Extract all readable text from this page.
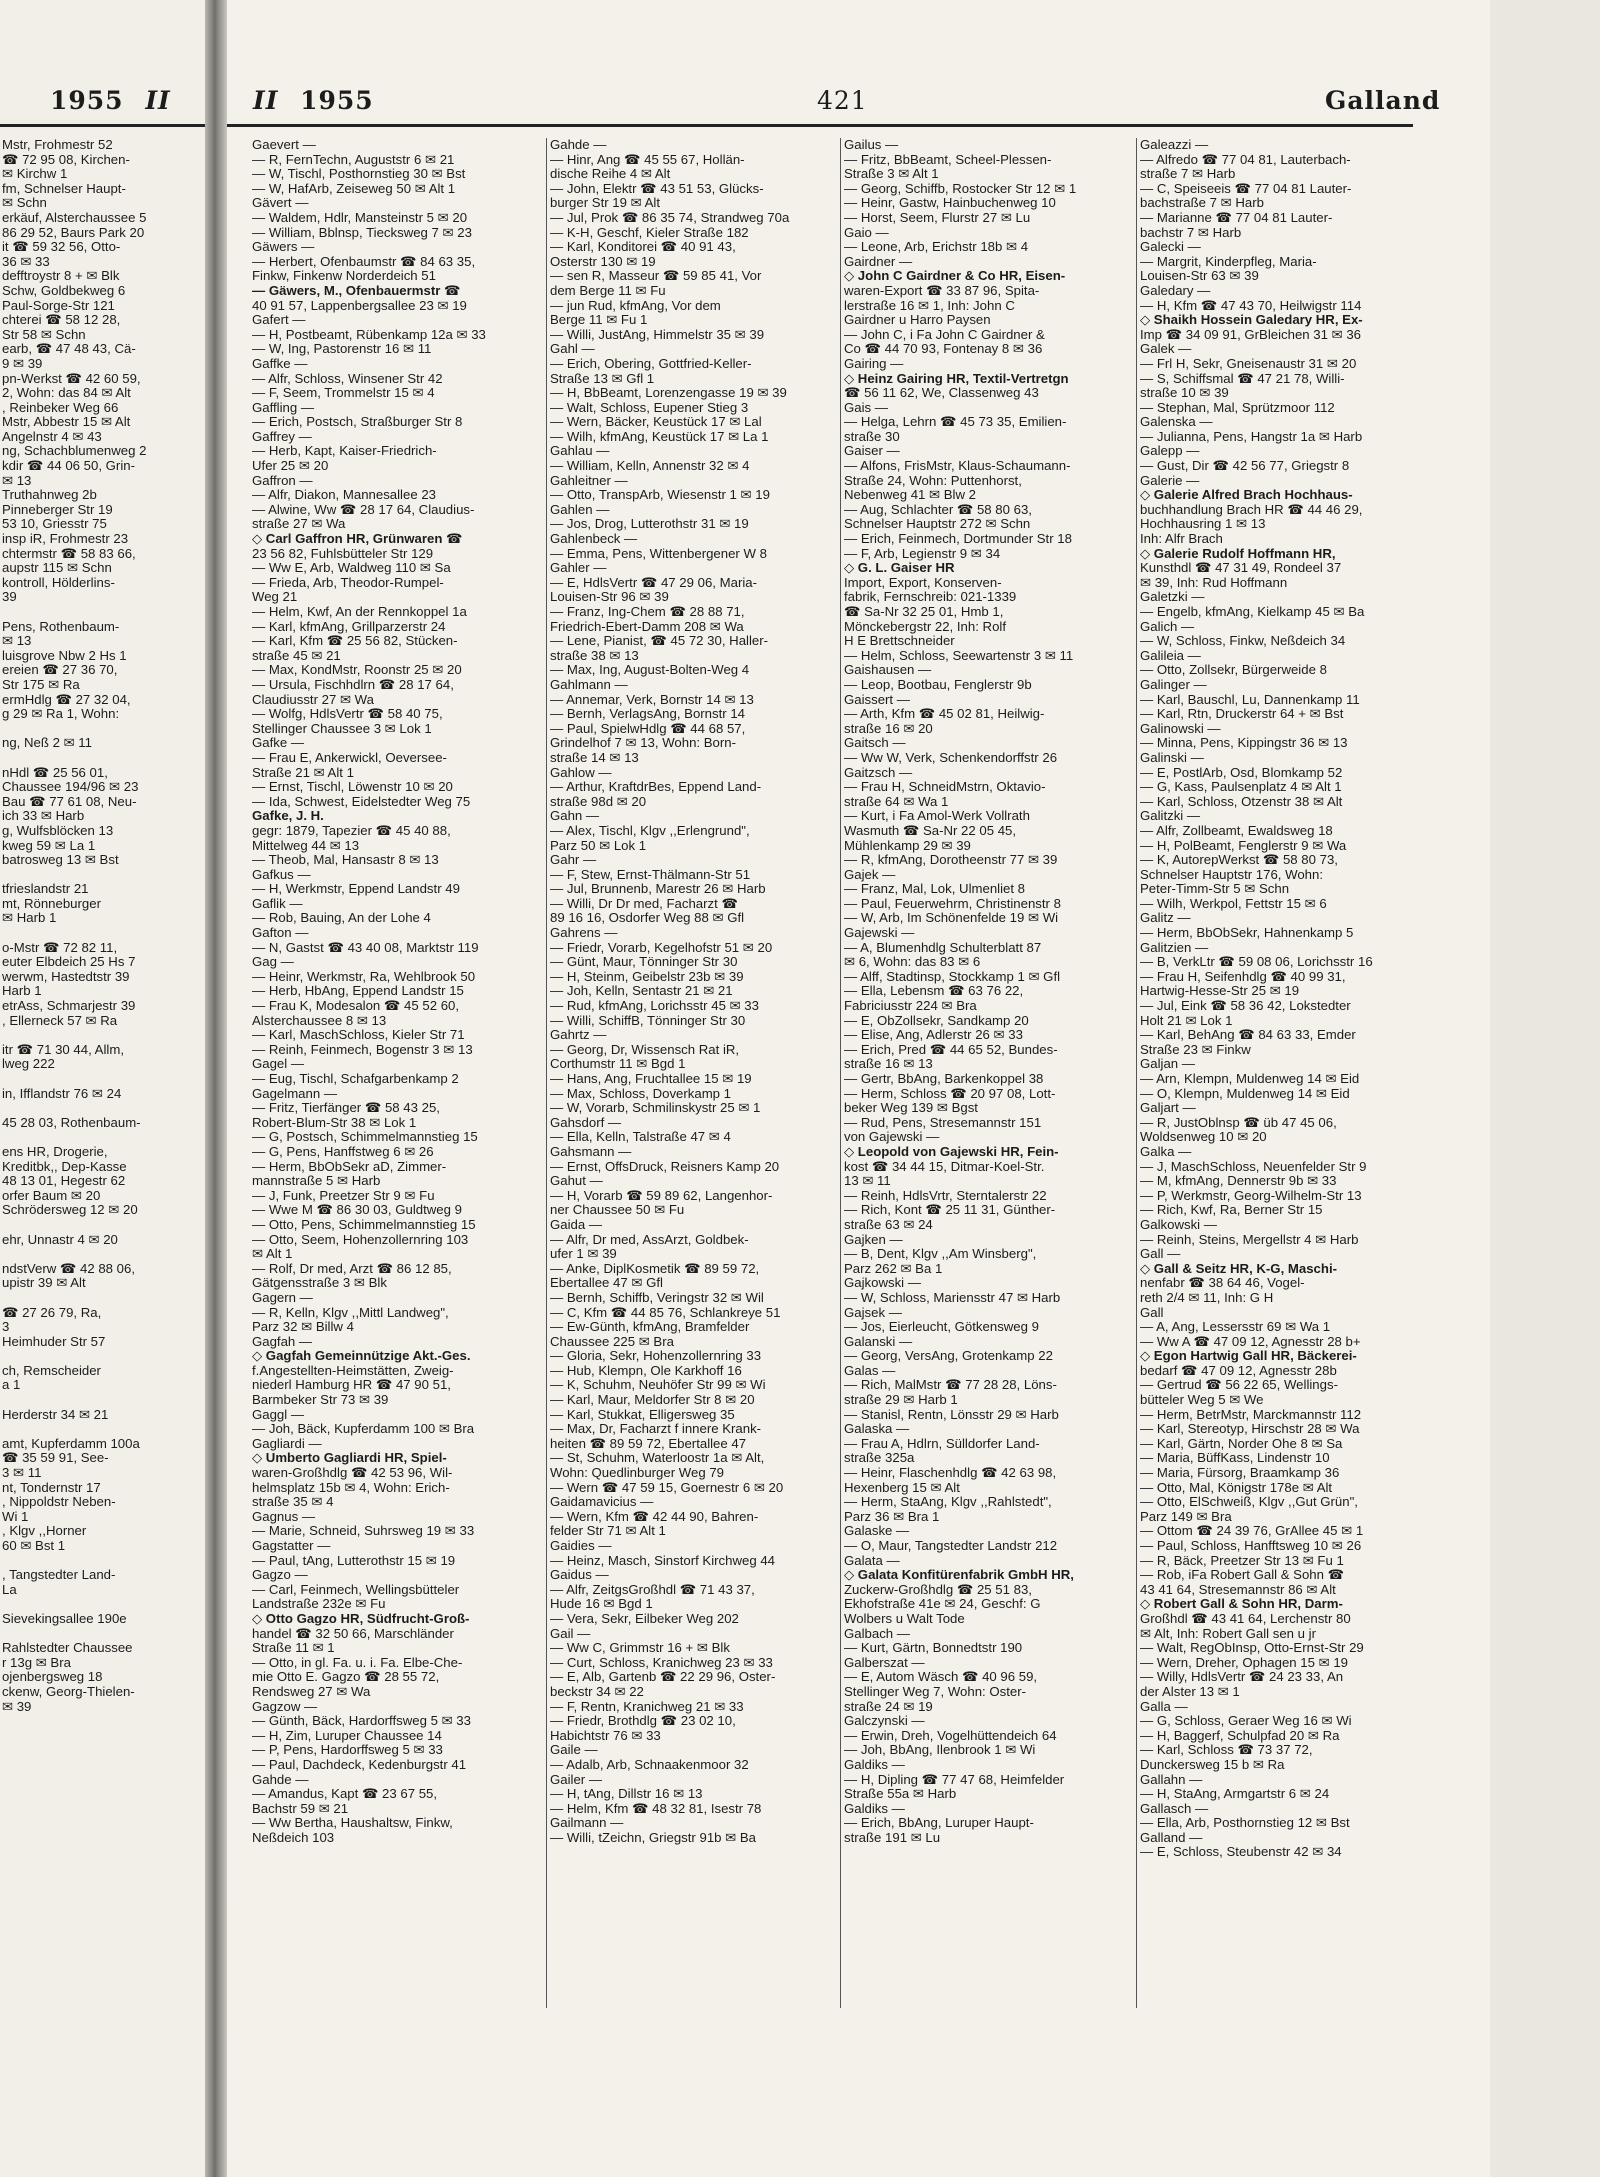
1955 II
Mstr, Frohmestr 52
☎ 72 95 08, Kirchen-
✉ Kirchw 1
fm, Schnelser Haupt-
✉ Schn
erkäuf, Alsterchaussee 5
86 29 52, Baurs Park 20
it ☎ 59 32 56, Otto-
36 ✉ 33
defftroystr 8 + ✉ Blk
Schw, Goldbekweg 6
Paul-Sorge-Str 121
chterei ☎ 58 12 28,
Str 58 ✉ Schn
earb, ☎ 47 48 43, Cä-
9 ✉ 39
pn-Werkst ☎ 42 60 59,
2, Wohn: das 84 ✉ Alt
, Reinbeker Weg 66
Mstr, Abbestr 15 ✉ Alt
Angelnstr 4 ✉ 43
ng, Schachblumenweg 2
kdir ☎ 44 06 50, Grin-
✉ 13
Truthahnweg 2b
Pinneberger Str 19
53 10, Griesstr 75
insp iR, Frohmestr 23
chtermstr ☎ 58 83 66,
aupstr 115 ✉ Schn
kontroll, Hölderlins-
39
Pens, Rothenbaum-
✉ 13
luisgrove Nbw 2 Hs 1
ereien ☎ 27 36 70,
Str 175 ✉ Ra
ermHdlg ☎ 27 32 04,
g 29 ✉ Ra 1, Wohn:
ng, Neß 2 ✉ 11
nHdl ☎ 25 56 01,
Chaussee 194/96 ✉ 23
Bau ☎ 77 61 08, Neu-
ich 33 ✉ Harb
g, Wulfsblöcken 13
kweg 59 ✉ La 1
batrosweg 13 ✉ Bst
tfrieslandstr 21
mt, Rönneburger
✉ Harb 1
o-Mstr ☎ 72 82 11,
euter Elbdeich 25 Hs 7
werwm, Hastedtstr 39
Harb 1
etrAss, Schmarjestr 39
, Ellerneck 57 ✉ Ra
itr ☎ 71 30 44, Allm,
lweg 222
in, Ifflandstr 76 ✉ 24
45 28 03, Rothenbaum-
ens HR, Drogerie,
Kreditbk,, Dep-Kasse
48 13 01, Hegestr 62
orfer Baum ✉ 20
Schrödersweg 12 ✉ 20
ehr, Unnastr 4 ✉ 20
ndstVerw ☎ 42 88 06,
upistr 39 ✉ Alt
☎ 27 26 79, Ra,
3
Heimhuder Str 57
ch, Remscheider
a 1
Herderstr 34 ✉ 21
amt, Kupferdamm 100a
☎ 35 59 91, See-
3 ✉ 11
nt, Tondernstr 17
, Nippoldstr Neben-
Wi 1
, Klgv ,,Horner
60 ✉ Bst 1
, Tangstedter Land-
La
Sievekingsallee 190e
Rahlstedter Chaussee
r 13g ✉ Bra
ojenbergsweg 18
ckenw, Georg-Thielen-
✉ 39
II 1955	421	Galland
Gaevert —
— R, FernTechn, Auguststr 6 ✉ 21
— W, Tischl, Posthornstieg 30 ✉ Bst
— W, HafArb, Zeiseweg 50 ✉ Alt 1
Gävert —
— Waldem, Hdlr, Mansteinstr 5 ✉ 20
— William, Bblnsp, Tiecksweg 7 ✉ 23
Gäwers —
— Herbert, Ofenbaumstr ☎ 84 63 35,
Finkw, Finkenw Norderdeich 51
— Gäwers, M., Ofenbauermstr ☎
40 91 57, Lappenbergsallee 23 ✉ 19
Gafert —
— H, Postbeamt, Rübenkamp 12a ✉ 33
— W, Ing, Pastorenstr 16 ✉ 11
Gaffke —
— Alfr, Schloss, Winsener Str 42
— F, Seem, Trommelstr 15 ✉ 4
Gaffling —
— Erich, Postsch, Straßburger Str 8
Gaffrey —
— Herb, Kapt, Kaiser-Friedrich-
Ufer 25 ✉ 20
Gaffron —
— Alfr, Diakon, Mannesallee 23
— Alwine, Ww ☎ 28 17 64, Claudius-
straße 27 ✉ Wa
◇ Carl Gaffron HR, Grünwaren ☎
23 56 82, Fuhlsbütteler Str 129
— Ww E, Arb, Waldweg 110 ✉ Sa
— Frieda, Arb, Theodor-Rumpel-
Weg 21
— Helm, Kwf, An der Rennkoppel 1a
— Karl, kfmAng, Grillparzerstr 24
— Karl, Kfm ☎ 25 56 82, Stücken-
straße 45 ✉ 21
— Max, KondMstr, Roonstr 25 ✉ 20
— Ursula, Fischhdlrn ☎ 28 17 64,
Claudiusstr 27 ✉ Wa
— Wolfg, HdlsVertr ☎ 58 40 75,
Stellinger Chaussee 3 ✉ Lok 1
Gafke —
— Frau E, Ankerwickl, Oeversee-
Straße 21 ✉ Alt 1
— Ernst, Tischl, Löwenstr 10 ✉ 20
— Ida, Schwest, Eidelstedter Weg 75
Gafke, J. H.
gegr: 1879, Tapezier ☎ 45 40 88,
Mittelweg 44 ✉ 13
— Theob, Mal, Hansastr 8 ✉ 13
Gafkus —
— H, Werkmstr, Eppend Landstr 49
Gaflik —
— Rob, Bauing, An der Lohe 4
Gafton —
— N, Gastst ☎ 43 40 08, Marktstr 119
Gag —
— Heinr, Werkmstr, Ra, Wehlbrook 50
— Herb, HbAng, Eppend Landstr 15
— Frau K, Modesalon ☎ 45 52 60,
Alsterchaussee 8 ✉ 13
— Karl, MaschSchloss, Kieler Str 71
— Reinh, Feinmech, Bogenstr 3 ✉ 13
Gagel —
— Eug, Tischl, Schafgarbenkamp 2
Gagelmann —
— Fritz, Tierfänger ☎ 58 43 25,
Robert-Blum-Str 38 ✉ Lok 1
— G, Postsch, Schimmelmannstieg 15
— G, Pens, Hanffstweg 6 ✉ 26
— Herm, BbObSekr aD, Zimmer-
mannstraße 5 ✉ Harb
— J, Funk, Preetzer Str 9 ✉ Fu
— Wwe M ☎ 86 30 03, Guldtweg 9
— Otto, Pens, Schimmelmannstieg 15
— Otto, Seem, Hohenzollernring 103
✉ Alt 1
— Rolf, Dr med, Arzt ☎ 86 12 85,
Gätgensstraße 3 ✉ Blk
Gagern —
— R, Kelln, Klgv ,,Mittl Landweg",
Parz 32 ✉ Billw 4
Gagfah —
◇ Gagfah Gemeinnützige Akt.-Ges.
f.Angestellten-Heimstätten, Zweig-
niederl Hamburg HR ☎ 47 90 51,
Barmbeker Str 73 ✉ 39
Gaggl —
— Joh, Bäck, Kupferdamm 100 ✉ Bra
Gagliardi —
◇ Umberto Gagliardi HR, Spiel-
waren-Großhdlg ☎ 42 53 96, Wil-
helmsplatz 15b ✉ 4, Wohn: Erich-
straße 35 ✉ 4
Gagnus —
— Marie, Schneid, Suhrsweg 19 ✉ 33
Gagstatter —
— Paul, tAng, Lutterothstr 15 ✉ 19
Gagzo —
— Carl, Feinmech, Wellingsbütteler
Landstraße 232e ✉ Fu
◇ Otto Gagzo HR, Südfrucht-Groß-
handel ☎ 32 50 66, Marschländer
Straße 11 ✉ 1
— Otto, in gl. Fa. u. i. Fa. Elbe-Che-
mie Otto E. Gagzo ☎ 28 55 72,
Rendsweg 27 ✉ Wa
Gagzow —
— Günth, Bäck, Hardorffsweg 5 ✉ 33
— H, Zim, Luruper Chaussee 14
— P, Pens, Hardorffsweg 5 ✉ 33
— Paul, Dachdeck, Kedenburgstr 41
Gahde —
— Amandus, Kapt ☎ 23 67 55,
Bachstr 59 ✉ 21
— Ww Bertha, Haushaltsw, Finkw,
Neßdeich 103
Gahde —
— Hinr, Ang ☎ 45 55 67, Hollän-
dische Reihe 4 ✉ Alt
— John, Elektr ☎ 43 51 53, Glücks-
burger Str 19 ✉ Alt
— Jul, Prok ☎ 86 35 74, Strandweg 70a
— K-H, Geschf, Kieler Straße 182
— Karl, Konditorei ☎ 40 91 43,
Osterstr 130 ✉ 19
— sen R, Masseur ☎ 59 85 41, Vor
dem Berge 11 ✉ Fu
— jun Rud, kfmAng, Vor dem
Berge 11 ✉ Fu 1
— Willi, JustAng, Himmelstr 35 ✉ 39
Gahl —
— Erich, Obering, Gottfried-Keller-
Straße 13 ✉ Gfl 1
— H, BbBeamt, Lorenzengasse 19 ✉ 39
— Walt, Schloss, Eupener Stieg 3
— Wern, Bäcker, Keustück 17 ✉ Lal
— Wilh, kfmAng, Keustück 17 ✉ La 1
Gahlau —
— William, Kelln, Annenstr 32 ✉ 4
Gahleitner —
— Otto, TranspArb, Wiesenstr 1 ✉ 19
Gahlen —
— Jos, Drog, Lutterothstr 31 ✉ 19
Gahlenbeck —
— Emma, Pens, Wittenbergener W 8
Gahler —
— E, HdlsVertr ☎ 47 29 06, Maria-
Louisen-Str 96 ✉ 39
— Franz, Ing-Chem ☎ 28 88 71,
Friedrich-Ebert-Damm 208 ✉ Wa
— Lene, Pianist, ☎ 45 72 30, Haller-
straße 38 ✉ 13
— Max, Ing, August-Bolten-Weg 4
Gahlmann —
— Annemar, Verk, Bornstr 14 ✉ 13
— Bernh, VerlagsAng, Bornstr 14
— Paul, SpielwHdlg ☎ 44 68 57,
Grindelhof 7 ✉ 13, Wohn: Born-
straße 14 ✉ 13
Gahlow —
— Arthur, KraftdrBes, Eppend Land-
straße 98d ✉ 20
Gahn —
— Alex, Tischl, Klgv ,,Erlengrund",
Parz 50 ✉ Lok 1
Gahr —
— F, Stew, Ernst-Thälmann-Str 51
— Jul, Brunnenb, Marestr 26 ✉ Harb
— Willi, Dr Dr med, Facharzt ☎
89 16 16, Osdorfer Weg 88 ✉ Gfl
Gahrens —
— Friedr, Vorarb, Kegelhofstr 51 ✉ 20
— Günt, Maur, Tönninger Str 30
— H, Steinm, Geibelstr 23b ✉ 39
— Joh, Kelln, Sentastr 21 ✉ 21
— Rud, kfmAng, Lorichsstr 45 ✉ 33
— Willi, SchiffB, Tönninger Str 30
Gahrtz —
— Georg, Dr, Wissensch Rat iR,
Corthumstr 11 ✉ Bgd 1
— Hans, Ang, Fruchtallee 15 ✉ 19
— Max, Schloss, Doverkamp 1
— W, Vorarb, Schmilinskystr 25 ✉ 1
Gahsdorf —
— Ella, Kelln, Talstraße 47 ✉ 4
Gahsmann —
— Ernst, OffsDruck, Reisners Kamp 20
Gahut —
— H, Vorarb ☎ 59 89 62, Langenhor-
ner Chaussee 50 ✉ Fu
Gaida —
— Alfr, Dr med, AssArzt, Goldbek-
ufer 1 ✉ 39
— Anke, DiplKosmetik ☎ 89 59 72,
Ebertallee 47 ✉ Gfl
— Bernh, Schiffb, Veringstr 32 ✉ Wil
— C, Kfm ☎ 44 85 76, Schlankreye 51
— Ew-Günth, kfmAng, Bramfelder
Chaussee 225 ✉ Bra
— Gloria, Sekr, Hohenzollernring 33
— Hub, Klempn, Ole Karkhoff 16
— K, Schuhm, Neuhöfer Str 99 ✉ Wi
— Karl, Maur, Meldorfer Str 8 ✉ 20
— Karl, Stukkat, Elligersweg 35
— Max, Dr, Facharzt f innere Krank-
heiten ☎ 89 59 72, Ebertallee 47
— St, Schuhm, Waterloostr 1a ✉ Alt,
Wohn: Quedlinburger Weg 79
— Wern ☎ 47 59 15, Goernestr 6 ✉ 20
Gaidamavicius —
— Wern, Kfm ☎ 42 44 90, Bahren-
felder Str 71 ✉ Alt 1
Gaidies —
— Heinz, Masch, Sinstorf Kirchweg 44
Gaidus —
— Alfr, ZeitgsGroßhdl ☎ 71 43 37,
Hude 16 ✉ Bgd 1
— Vera, Sekr, Eilbeker Weg 202
Gail —
— Ww C, Grimmstr 16 + ✉ Blk
— Curt, Schloss, Kranichweg 23 ✉ 33
— E, Alb, Gartenb ☎ 22 29 96, Oster-
beckstr 34 ✉ 22
— F, Rentn, Kranichweg 21 ✉ 33
— Friedr, Brothdlg ☎ 23 02 10,
Habichtstr 76 ✉ 33
Gaile —
— Adalb, Arb, Schnaakenmoor 32
Gailer —
— H, tAng, Dillstr 16 ✉ 13
— Helm, Kfm ☎ 48 32 81, Isestr 78
Gailmann —
— Willi, tZeichn, Griegstr 91b ✉ Ba
Gailus —
— Fritz, BbBeamt, Scheel-Plessen-
Straße 3 ✉ Alt 1
— Georg, Schiffb, Rostocker Str 12 ✉ 1
— Heinr, Gastw, Hainbuchenweg 10
— Horst, Seem, Flurstr 27 ✉ Lu
Gaio —
— Leone, Arb, Erichstr 18b ✉ 4
Gairdner —
◇ John C Gairdner & Co HR, Eisen-
waren-Export ☎ 33 87 96, Spita-
lerstraße 16 ✉ 1, Inh: John C
Gairdner u Harro Paysen
— John C, i Fa John C Gairdner &
Co ☎ 44 70 93, Fontenay 8 ✉ 36
Gairing —
◇ Heinz Gairing HR, Textil-Vertretgn
☎ 56 11 62, We, Classenweg 43
Gais —
— Helga, Lehrn ☎ 45 73 35, Emilien-
straße 30
Gaiser —
— Alfons, FrisMstr, Klaus-Schaumann-
Straße 24, Wohn: Puttenhorst,
Nebenweg 41 ✉ Blw 2
— Aug, Schlachter ☎ 58 80 63,
Schnelser Hauptstr 272 ✉ Schn
— Erich, Feinmech, Dortmunder Str 18
— F, Arb, Legienstr 9 ✉ 34
◇ G. L. Gaiser HR
Import, Export, Konserven-
fabrik, Fernschreib: 021-1339
☎ Sa-Nr 32 25 01, Hmb 1,
Mönckebergstr 22, Inh: Rolf
H E Brettschneider
— Helm, Schloss, Seewartenstr 3 ✉ 11
Gaishausen —
— Leop, Bootbau, Fenglerstr 9b
Gaissert —
— Arth, Kfm ☎ 45 02 81, Heilwig-
straße 16 ✉ 20
Gaitsch —
— Ww W, Verk, Schenkendorffstr 26
Gaitzsch —
— Frau H, SchneidMstrn, Oktavio-
straße 64 ✉ Wa 1
— Kurt, i Fa Amol-Werk Vollrath
Wasmuth ☎ Sa-Nr 22 05 45,
Mühlenkamp 29 ✉ 39
— R, kfmAng, Dorotheenstr 77 ✉ 39
Gajek —
— Franz, Mal, Lok, Ulmenliet 8
— Paul, Feuerwehrm, Christinenstr 8
— W, Arb, Im Schönenfelde 19 ✉ Wi
Gajewski —
— A, Blumenhdlg Schulterblatt 87
✉ 6, Wohn: das 83 ✉ 6
— Alff, Stadtinsp, Stockkamp 1 ✉ Gfl
— Ella, Lebensm ☎ 63 76 22,
Fabriciusstr 224 ✉ Bra
— E, ObZollsekr, Sandkamp 20
— Elise, Ang, Adlerstr 26 ✉ 33
— Erich, Pred ☎ 44 65 52, Bundes-
straße 16 ✉ 13
— Gertr, BbAng, Barkenkoppel 38
— Herm, Schloss ☎ 20 97 08, Lott-
beker Weg 139 ✉ Bgst
— Rud, Pens, Stresemannstr 151
von Gajewski —
◇ Leopold von Gajewski HR, Fein-
kost ☎ 34 44 15, Ditmar-Koel-Str.
13 ✉ 11
— Reinh, HdlsVrtr, Sterntalerstr 22
— Rich, Kont ☎ 25 11 31, Günther-
straße 63 ✉ 24
Gajken —
— B, Dent, Klgv ,,Am Winsberg",
Parz 262 ✉ Ba 1
Gajkowski —
— W, Schloss, Mariensstr 47 ✉ Harb
Gajsek —
— Jos, Eierleucht, Götkensweg 9
Galanski —
— Georg, VersAng, Grotenkamp 22
Galas —
— Rich, MalMstr ☎ 77 28 28, Löns-
straße 29 ✉ Harb 1
— Stanisl, Rentn, Lönsstr 29 ✉ Harb
Galaska —
— Frau A, Hdlrn, Sülldorfer Land-
straße 325a
— Heinr, Flaschenhdlg ☎ 42 63 98,
Hexenberg 15 ✉ Alt
— Herm, StaAng, Klgv ,,Rahlstedt",
Parz 36 ✉ Bra 1
Galaske —
— O, Maur, Tangstedter Landstr 212
Galata —
◇ Galata Konfitürenfabrik GmbH HR,
Zuckerw-Großhdlg ☎ 25 51 83,
Ekhofstraße 41e ✉ 24, Geschf: G
Wolbers u Walt Tode
Galbach —
— Kurt, Gärtn, Bonnedtstr 190
Galberszat —
— E, Autom Wäsch ☎ 40 96 59,
Stellinger Weg 7, Wohn: Oster-
straße 24 ✉ 19
Galczynski —
— Erwin, Dreh, Vogelhüttendeich 64
— Joh, BbAng, Ilenbrook 1 ✉ Wi
Galdiks —
— H, Dipling ☎ 77 47 68, Heimfelder
Straße 55a ✉ Harb
Galdiks —
— Erich, BbAng, Luruper Haupt-
straße 191 ✉ Lu
Galeazzi —
— Alfredo ☎ 77 04 81, Lauterbach-
straße 7 ✉ Harb
— C, Speiseeis ☎ 77 04 81 Lauter-
bachstraße 7 ✉ Harb
— Marianne ☎ 77 04 81 Lauter-
bachstr 7 ✉ Harb
Galecki —
— Margrit, Kinderpfleg, Maria-
Louisen-Str 63 ✉ 39
Galedary —
— H, Kfm ☎ 47 43 70, Heilwigstr 114
◇ Shaikh Hossein Galedary HR, Ex-
Imp ☎ 34 09 91, GrBleichen 31 ✉ 36
Galek —
— Frl H, Sekr, Gneisenaustr 31 ✉ 20
— S, Schiffsmal ☎ 47 21 78, Willi-
straße 10 ✉ 39
— Stephan, Mal, Sprützmoor 112
Galenska —
— Julianna, Pens, Hangstr 1a ✉ Harb
Galepp —
— Gust, Dir ☎ 42 56 77, Griegstr 8
Galerie —
◇ Galerie Alfred Brach Hochhaus-
buchhandlung Brach HR ☎ 44 46 29,
Hochhausring 1 ✉ 13
Inh: Alfr Brach
◇ Galerie Rudolf Hoffmann HR,
Kunsthdl ☎ 47 31 49, Rondeel 37
✉ 39, Inh: Rud Hoffmann
Galetzki —
— Engelb, kfmAng, Kielkamp 45 ✉ Ba
Galich —
— W, Schloss, Finkw, Neßdeich 34
Galileia —
— Otto, Zollsekr, Bürgerweide 8
Galinger —
— Karl, Bauschl, Lu, Dannenkamp 11
— Karl, Rtn, Druckerstr 64 + ✉ Bst
Galinowski —
— Minna, Pens, Kippingstr 36 ✉ 13
Galinski —
— E, PostlArb, Osd, Blomkamp 52
— G, Kass, Paulsenplatz 4 ✉ Alt 1
— Karl, Schloss, Otzenstr 38 ✉ Alt
Galitzki —
— Alfr, Zollbeamt, Ewaldsweg 18
— H, PolBeamt, Fenglerstr 9 ✉ Wa
— K, AutorepWerkst ☎ 58 80 73,
Schnelser Hauptstr 176, Wohn:
Peter-Timm-Str 5 ✉ Schn
— Wilh, Werkpol, Fettstr 15 ✉ 6
Galitz —
— Herm, BbObSekr, Hahnenkamp 5
Galitzien —
— B, VerkLtr ☎ 59 08 06, Lorichsstr 16
— Frau H, Seifenhdlg ☎ 40 99 31,
Hartwig-Hesse-Str 25 ✉ 19
— Jul, Eink ☎ 58 36 42, Lokstedter
Holt 21 ✉ Lok 1
— Karl, BehAng ☎ 84 63 33, Emder
Straße 23 ✉ Finkw
Galjan —
— Arn, Klempn, Muldenweg 14 ✉ Eid
— O, Klempn, Muldenweg 14 ✉ Eid
Galjart —
— R, JustOblnsp ☎ üb 47 45 06,
Woldsenweg 10 ✉ 20
Galka —
— J, MaschSchloss, Neuenfelder Str 9
— M, kfmAng, Dennerstr 9b ✉ 33
— P, Werkmstr, Georg-Wilhelm-Str 13
— Rich, Kwf, Ra, Berner Str 15
Galkowski —
— Reinh, Steins, Mergellstr 4 ✉ Harb
Gall —
◇ Gall & Seitz HR, K-G, Maschi-
nenfabr ☎ 38 64 46, Vogel-
reth 2/4 ✉ 11, Inh: G H
Gall
— A, Ang, Lessersstr 69 ✉ Wa 1
— Ww A ☎ 47 09 12, Agnesstr 28 b+
◇ Egon Hartwig Gall HR, Bäckerei-
bedarf ☎ 47 09 12, Agnesstr 28b
— Gertrud ☎ 56 22 65, Wellings-
bütteler Weg 5 ✉ We
— Herm, BetrMstr, Marckmannstr 112
— Karl, Stereotyp, Hirschstr 28 ✉ Wa
— Karl, Gärtn, Norder Ohe 8 ✉ Sa
— Maria, BüffKass, Lindenstr 10
— Maria, Fürsorg, Braamkamp 36
— Otto, Mal, Königstr 178e ✉ Alt
— Otto, ElSchweiß, Klgv ,,Gut Grün",
Parz 149 ✉ Bra
— Ottom ☎ 24 39 76, GrAllee 45 ✉ 1
— Paul, Schloss, Hanfftsweg 10 ✉ 26
— R, Bäck, Preetzer Str 13 ✉ Fu 1
— Rob, iFa Robert Gall & Sohn ☎
43 41 64, Stresemannstr 86 ✉ Alt
◇ Robert Gall & Sohn HR, Darm-
Großhdl ☎ 43 41 64, Lerchenstr 80
✉ Alt, Inh: Robert Gall sen u jr
— Walt, RegObInsp, Otto-Ernst-Str 29
— Wern, Dreher, Ophagen 15 ✉ 19
— Willy, HdlsVertr ☎ 24 23 33, An
der Alster 13 ✉ 1
Galla —
— G, Schloss, Geraer Weg 16 ✉ Wi
— H, Baggerf, Schulpfad 20 ✉ Ra
— Karl, Schloss ☎ 73 37 72,
Dunckersweg 15 b ✉ Ra
Gallahn —
— H, StaAng, Armgartstr 6 ✉ 24
Gallasch —
— Ella, Arb, Posthornstieg 12 ✉ Bst
Galland —
— E, Schloss, Steubenstr 42 ✉ 34
